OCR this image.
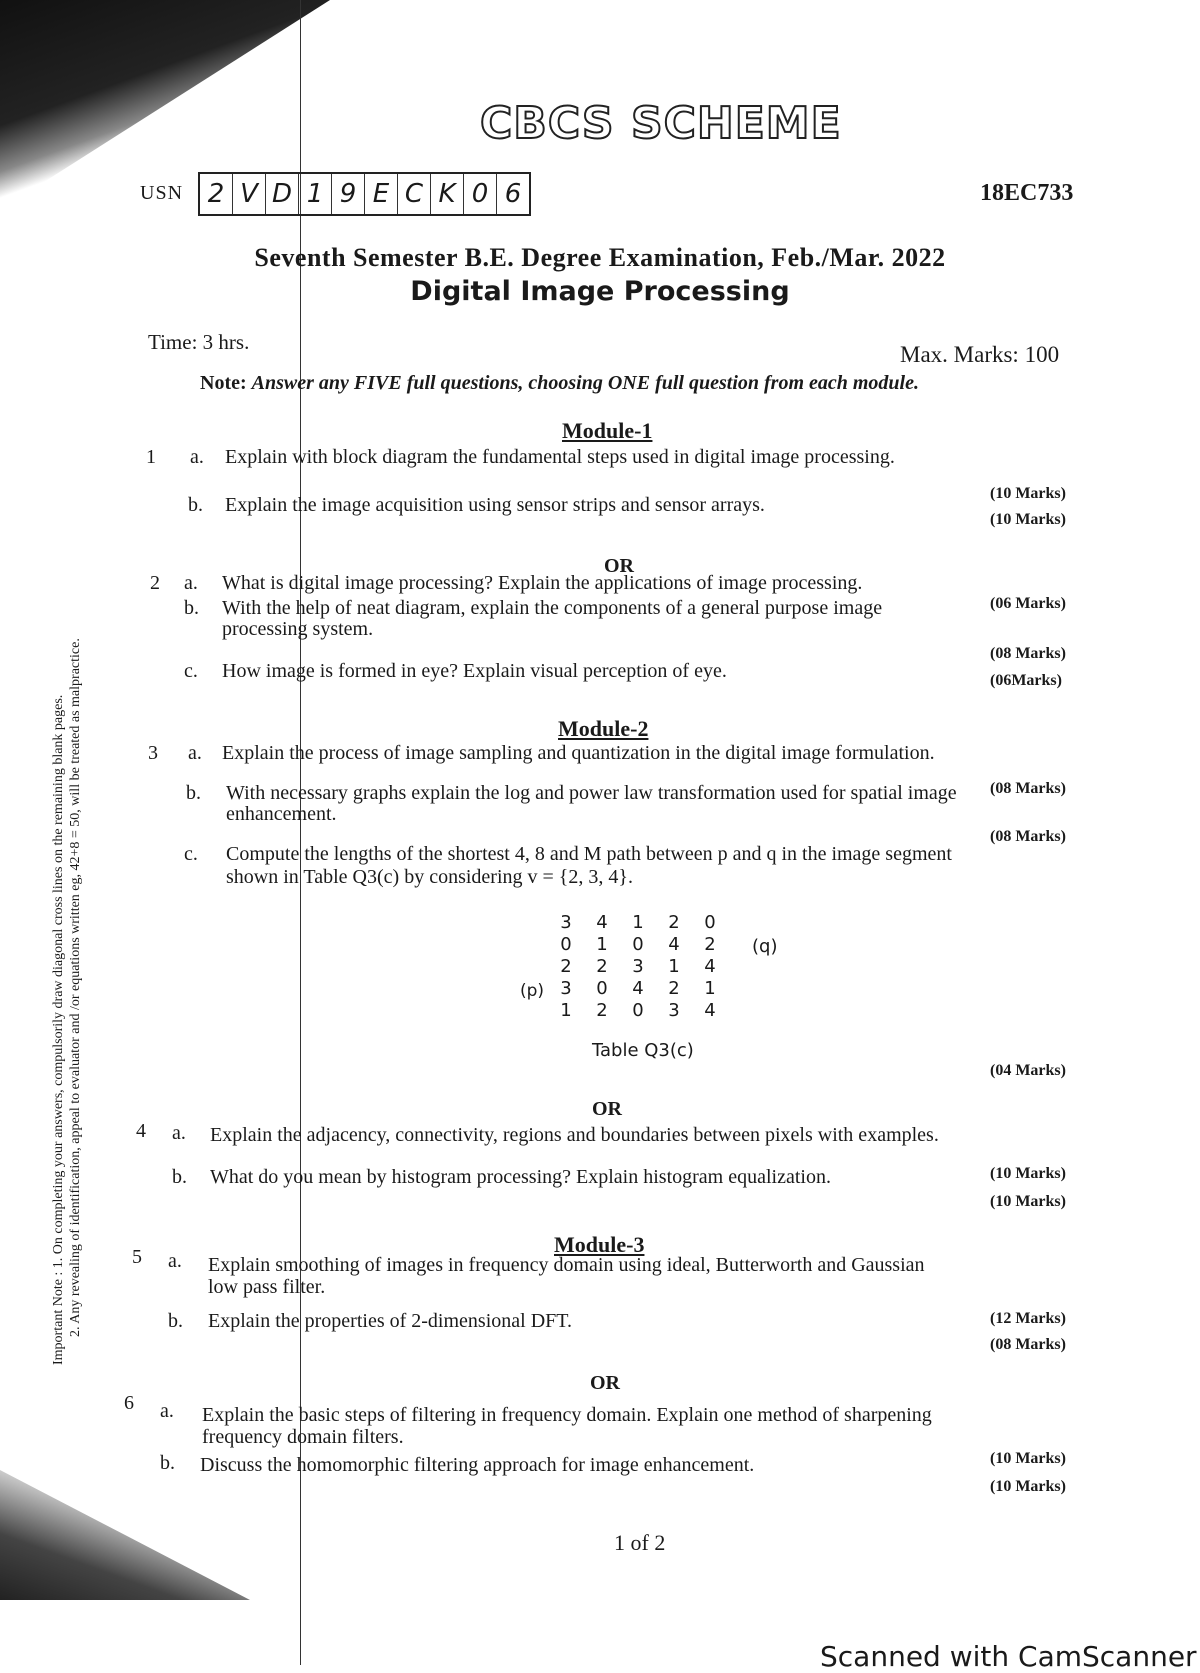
CBCS SCHEME
USN 2 V D 1 9 E C K 0 6	18EC733
Seventh Semester B.E. Degree Examination, Feb./Mar. 2022
Digital Image Processing
Time: 3 hrs.	Max. Marks: 100
Note: Answer any FIVE full questions, choosing ONE full question from each module.
Important Note : 1. On completing your answers, compulsorily draw diagonal cross lines on the remaining blank pages. 2. Any revealing of identification, appeal to evaluator and /or equations written eg, 42+8 = 50, will be treated as malpractice.
Module-1
1 a. Explain with block diagram the fundamental steps used in digital image processing.
(10 Marks)
b. Explain the image acquisition using sensor strips and sensor arrays.
(10 Marks)
OR
2 a. What is digital image processing? Explain the applications of image processing.
(06 Marks)
b. With the help of neat diagram, explain the components of a general purpose image
processing system.
(08 Marks)
c. How image is formed in eye? Explain visual perception of eye.	(06Marks)
Module-2
3 a. Explain the process of image sampling and quantization in the digital image formulation.
(08 Marks)
b. With necessary graphs explain the log and power law transformation used for spatial image
enhancement.
(08 Marks)
c. Compute the lengths of the shortest 4, 8 and M path between p and q in the image segment
shown in Table Q3(c) by considering v = {2, 3, 4}.
3	4	1	2	0
0	1	0	4	2
2	2	3	1	4
3	0	4	2	1
1	2	0	3	4
(p)
(q)
Table Q3(c)
(04 Marks)
OR
4 a. Explain the adjacency, connectivity, regions and boundaries between pixels with examples.
(10 Marks)
b. What do you mean by histogram processing? Explain histogram equalization.
(10 Marks)
Module-3
5 a. Explain smoothing of images in frequency domain using ideal, Butterworth and Gaussian
low pass filter.
(12 Marks)
b. Explain the properties of 2-dimensional DFT.
(08 Marks)
OR
6 a. Explain the basic steps of filtering in frequency domain. Explain one method of sharpening
frequency domain filters.
(10 Marks)
b. Discuss the homomorphic filtering approach for image enhancement.
(10 Marks)
1 of 2
Scanned with CamScanner
